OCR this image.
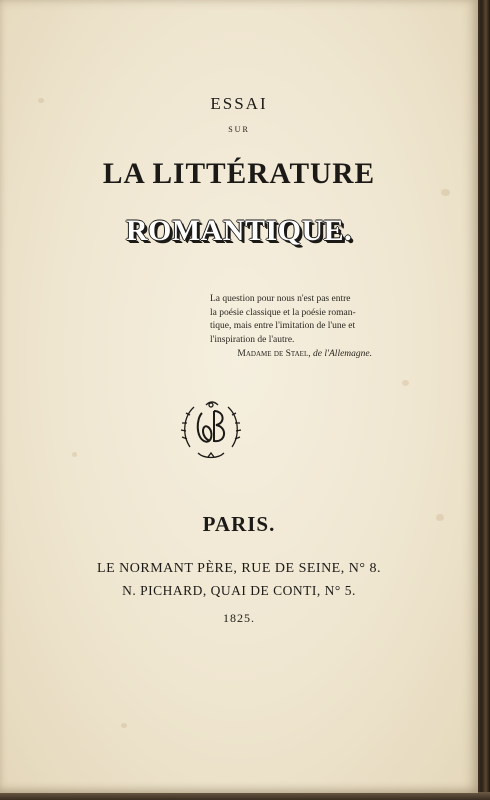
ESSAI
SUR
LA LITTÉRATURE
ROMANTIQUE.
La question pour nous n'est pas entre
la poésie classique et la poésie roman-
tique, mais entre l'imitation de l'une et
l'inspiration de l'autre.
Madame de Stael, de l'Allemagne.
PARIS.
LE NORMANT PÈRE, RUE DE SEINE, N° 8.
N. PICHARD, QUAI DE CONTI, N° 5.
1825.
